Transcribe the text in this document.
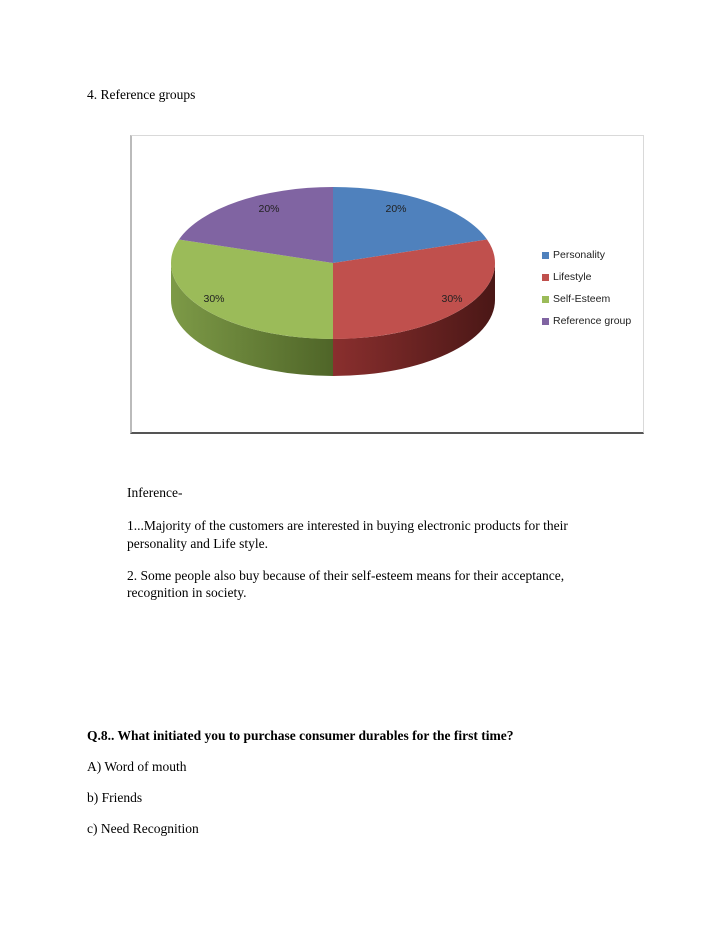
4. Reference groups
20%
30%
30%
20%
Personality
Lifestyle
Self-Esteem
Reference group
Inference-
1...Majority of the customers are interested in buying electronic products for their
personality and Life style.
2. Some people also buy because of their self-esteem means for their acceptance,
recognition in society.
Q.8.. What initiated you to purchase consumer durables for the first time?
A) Word of mouth
b) Friends
c) Need Recognition
